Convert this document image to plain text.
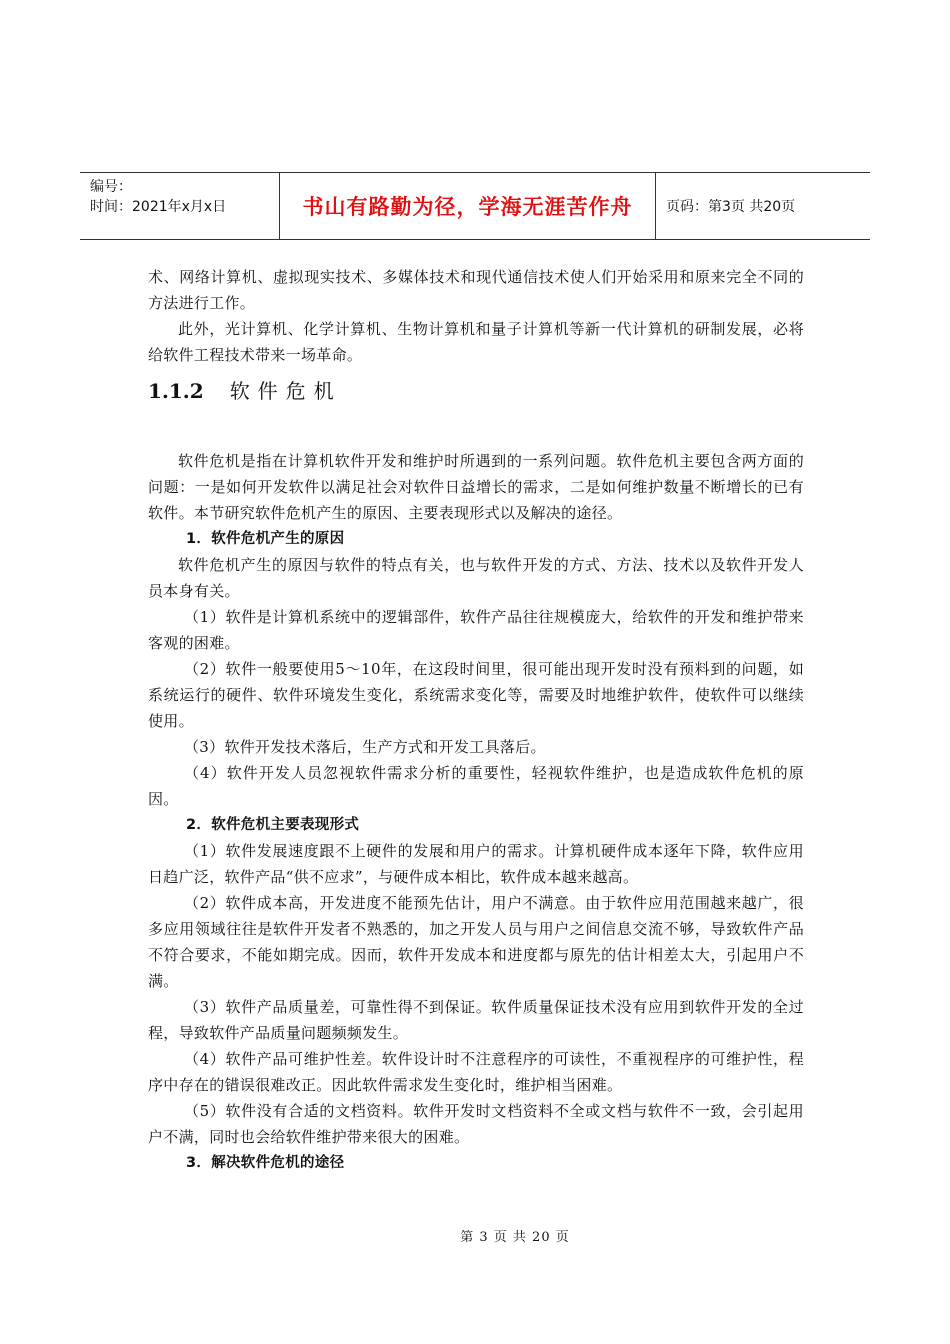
编号：
时间：2021年x月x日	书山有路勤为径，学海无涯苦作舟	页码：第3页 共20页

术、网络计算机、虚拟现实技术、多媒体技术和现代通信技术使人们开始采用和原来完全不同的方法进行工作。

此外，光计算机、化学计算机、生物计算机和量子计算机等新一代计算机的研制发展，必将给软件工程技术带来一场革命。

1.1.2 软件危机

软件危机是指在计算机软件开发和维护时所遇到的一系列问题。软件危机主要包含两方面的问题：一是如何开发软件以满足社会对软件日益增长的需求，二是如何维护数量不断增长的已有软件。本节研究软件危机产生的原因、主要表现形式以及解决的途径。

1．软件危机产生的原因

软件危机产生的原因与软件的特点有关，也与软件开发的方式、方法、技术以及软件开发人员本身有关。

（1）软件是计算机系统中的逻辑部件，软件产品往往规模庞大，给软件的开发和维护带来客观的困难。

（2）软件一般要使用5～10年，在这段时间里，很可能出现开发时没有预料到的问题，如系统运行的硬件、软件环境发生变化，系统需求变化等，需要及时地维护软件，使软件可以继续使用。

（3）软件开发技术落后，生产方式和开发工具落后。

（4）软件开发人员忽视软件需求分析的重要性，轻视软件维护，也是造成软件危机的原因。

2．软件危机主要表现形式

（1）软件发展速度跟不上硬件的发展和用户的需求。计算机硬件成本逐年下降，软件应用日趋广泛，软件产品“供不应求”，与硬件成本相比，软件成本越来越高。

（2）软件成本高，开发进度不能预先估计，用户不满意。由于软件应用范围越来越广，很多应用领域往往是软件开发者不熟悉的，加之开发人员与用户之间信息交流不够，导致软件产品不符合要求，不能如期完成。因而，软件开发成本和进度都与原先的估计相差太大，引起用户不满。

（3）软件产品质量差，可靠性得不到保证。软件质量保证技术没有应用到软件开发的全过程，导致软件产品质量问题频频发生。

（4）软件产品可维护性差。软件设计时不注意程序的可读性，不重视程序的可维护性，程序中存在的错误很难改正。因此软件需求发生变化时，维护相当困难。

（5）软件没有合适的文档资料。软件开发时文档资料不全或文档与软件不一致，会引起用户不满，同时也会给软件维护带来很大的困难。

3．解决软件危机的途径

第 3 页 共 20 页
